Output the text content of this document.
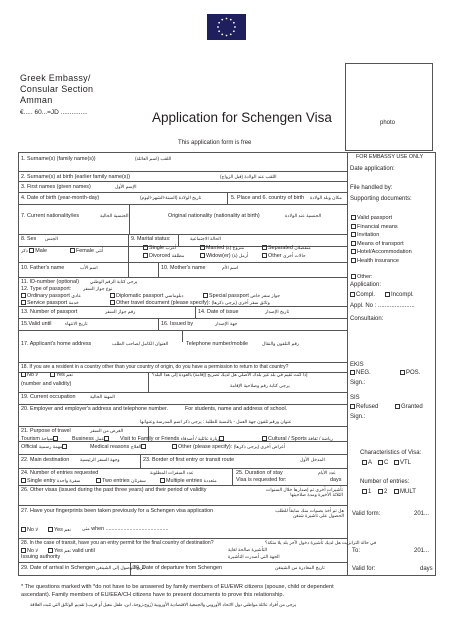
Greek Embassy/
Consular Section
Amman
€..... 60...=JD ...............	Application for Schengen Visa
This application form is free
photo
FOR EMBASSY USE ONLY
Date application:
File handled by:
Supporting documents:
Valid passport
Financial means
Invitation
Means of transport
Hotel/Accommodation
Health insurance
Other:
Application:
Compl.	Incompl.
Appl. No : ......................
Consultaion:
EKIS
NEG.	POS.
Sign.:
SIS
Refused	Granted
Sign.:
Characteristics of Visa:
A	C	VTL
Number of entries:
1	2	MULT
Valid form:	201...
To:	201...
Valid for:	days
1. Surname(s) (family name(s))	اللقب (اسم العائلة)
2. Surname(s) at birth (earlier family name(s))	اللقب عند الولادة (قبل الزواج)
3. First names (given names)	الإسم الأول
4. Date of birth (year-month-day)	تاريخ الولادة (السنة-الشهر-اليوم)	5. Place and 6. country of birth مكان وبلد الولادة
7. Current nationality/ies	الجنسية الحالية	Original nationality (nationality at birth)	الجنسية عند الولادة
8. Sex الجنس
ذكر Male	Female أنثى
9. Marital status:	الحالة الاجتماعية
Single أعزب	Married متزوج (ة)	Separated منفصلان
Divorced مطلقة	Widow(er) أرمل (ة)	Other حالات أخرى
10. Father's name	اسم الأب	10. Mother's name	اسم الأم
11. ID-number (optional) يرجى كتابة الرقم الوطني
12. Type of passport:	نوع جواز السفر
Ordinary passport عادي	Diplomatic passport دبلوماسي	Special passport جواز سفر خاص
Service passport خدمة	Other travel document (please specify): وثائق سفر أخرى (يرجى ذكرها)
13. Number of passport	رقم جواز السفر	14. Date of issue	تاريخ الإصدار
15.Valid until	تاريخ الانتهاء	16. Issued by	جهة الإصدار
17. Applicant's home address	العنوان الكامل لصاحب الطلب	Telephone number/mobile	رقم التلفون والنقال
18. If you are a resident in a country other than your country of origin, do you have a permission to return to that country?
No لا	Yes نعم	إذا كنت تقيم في بلد غير بلدك الأصلي هل لديك تصريح (إقامة) بالعودة إلى هذا البلد؟
(number and validity)	يرجى كتابة رقم وصلاحية الإقامة
19. Current occupation	المهنة الحالية
20. Employer and employer's address and telephone number.	For students, name and address of school.
عنوان ورقم تلفون جهة العمل - بالنسبة للطلبة : يرجى ذكر اسم المدرسة وعنوانها
21. Purpose of travel	الغرض من السفر
Tourism سياحة	Business عمل	Visit to Family or Friends زيارة عائلية / أصدقاء	Cultural / Sports رياضة / ثقافة
Official مهمة رسمية	Medical reasons العلاج	Other (please specify): أغراض أخرى (يرجى ذكرها)
22. Main destination وجهة السفر الرئيسية	23. Border of first entry or transit route	المدخل الأول
24. Number of entries requested	عدد السفرات المطلوبة
Single entry سفرة واحدة	Two entries سفرتان	Multiple entries متعددة
25. Duration of stay	عدد الأيام
Visa is requested for:	days
26. Other visas (issued during the past three years) and their period of validity	تأشيرات أخرى تم إصدارها خلال السنوات الثلاثة الأخيرة ومدة صلاحيتها
27. Have your fingerprints been taken previously for a Schengen visa application	هل تم أخذ بصمات منك سابقاً للطلب الحصول على تأشيرة شنغن
No لا	Yes نعم متى when ..........................................
28. In the case of transit, have you an entry permit for the final country of destination?	في حالة الترانزيت هل لديك تأشيرة دخول لآخر بلد يلا متكة؟
No لا	Yes نعم valid until	التأشيرة صالحة لغاية
Issuing authority	الجهة التي أصدرت التأشيرة
29. Date of arrival in Schengen تاريخ الوصول إلى الشينغن
30. Date of departure from Schengen	تاريخ المغادرة من الشينغن
* The questions marked with *do not have to be answered by family members of EU/EWR citizens (spouse, child or dependent
ascendant). Family members of EU/EEA/CH citizens have to present documents to prove this relationship.
يرجى من أفراد عائلة مواطني دول الاتحاد الأوروبي والجمعية الاقتصادية الأوروبية (زوج،زوجة، ابن، طفل معيل أو قريب) تقديم الوثائق التي تثبت العلاقة
